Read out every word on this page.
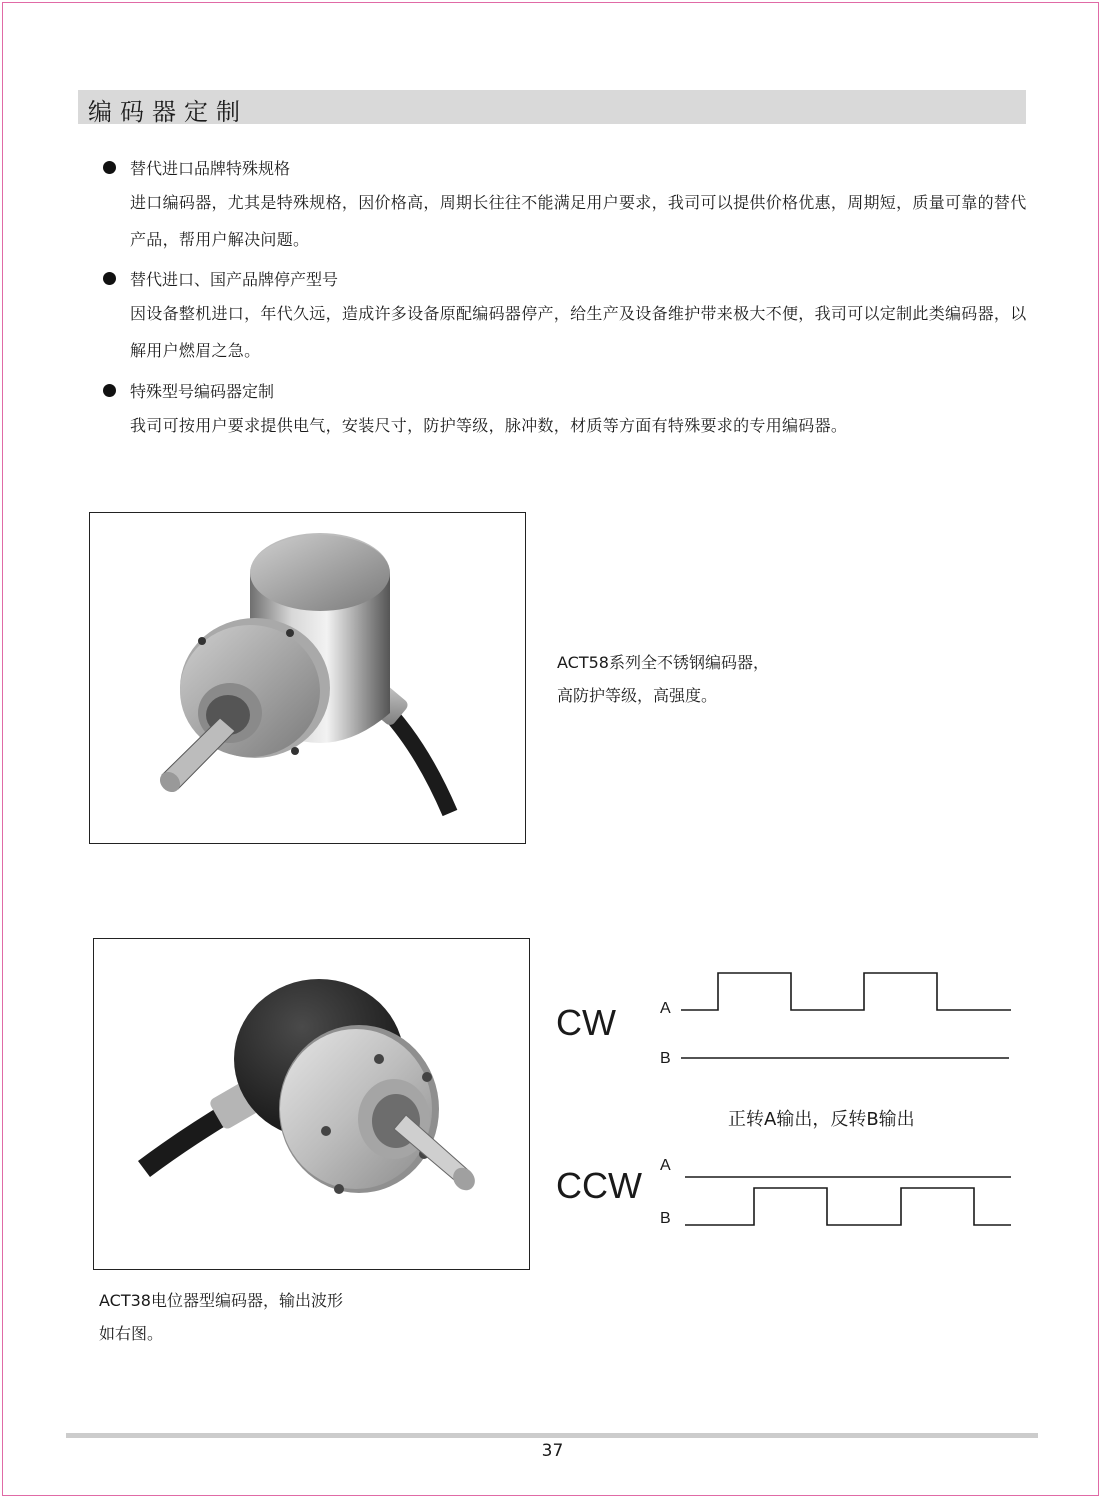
编码器定制
替代进口品牌特殊规格
进口编码器，尤其是特殊规格，因价格高，周期长往往不能满足用户要求，我司可以提供价格优惠，周期短，质量可靠的替代产品，帮用户解决问题。
替代进口、国产品牌停产型号
因设备整机进口，年代久远，造成许多设备原配编码器停产，给生产及设备维护带来极大不便，我司可以定制此类编码器，以解用户燃眉之急。
特殊型号编码器定制
我司可按用户要求提供电气，安装尺寸，防护等级，脉冲数，材质等方面有特殊要求的专用编码器。
ACT58系列全不锈钢编码器，
高防护等级，高强度。
ACT38电位器型编码器，输出波形
如右图。
CW	A
B
正转A输出，反转B输出
CCW A
B
37
